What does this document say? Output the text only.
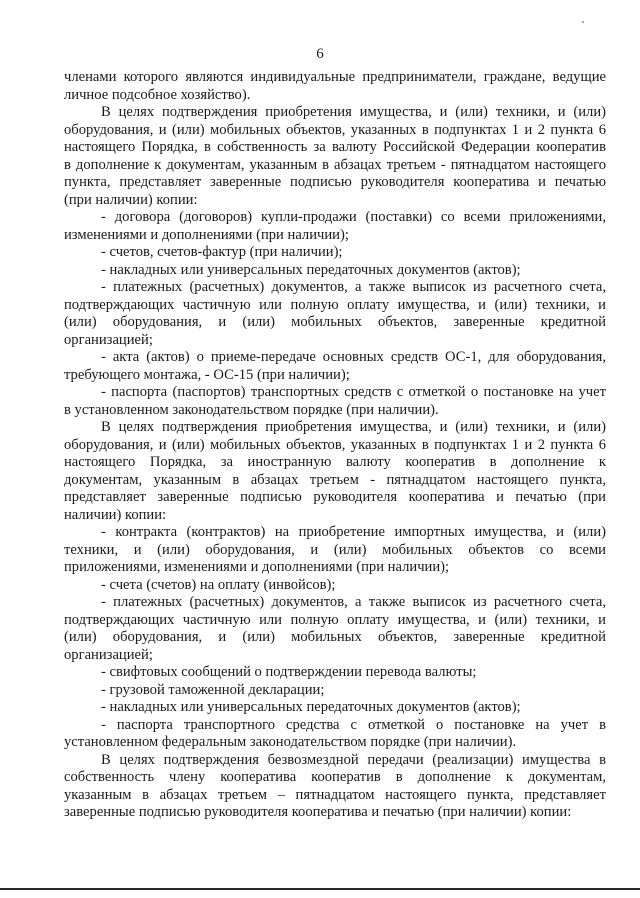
6
членами которого являются индивидуальные предприниматели, граждане, ведущие
личное подсобное хозяйство).
В целях подтверждения приобретения имущества, и (или) техники, и (или)
оборудования, и (или) мобильных объектов, указанных в подпунктах 1 и 2 пункта 6
настоящего Порядка, в собственность за валюту Российской Федерации кооператив
в дополнение к документам, указанным в абзацах третьем - пятнадцатом настоящего
пункта, представляет заверенные подписью руководителя кооператива и печатью
(при наличии) копии:
- договора (договоров) купли-продажи (поставки) со всеми приложениями,
изменениями и дополнениями (при наличии);
- счетов, счетов-фактур (при наличии);
- накладных или универсальных передаточных документов (актов);
- платежных (расчетных) документов, а также выписок из расчетного счета,
подтверждающих частичную или полную оплату имущества, и (или) техники, и
(или) оборудования, и (или) мобильных объектов, заверенные кредитной
организацией;
- акта (актов) о приеме-передаче основных средств ОС-1, для оборудования,
требующего монтажа, - ОС-15 (при наличии);
- паспорта (паспортов) транспортных средств с отметкой о постановке на учет
в установленном законодательством порядке (при наличии).
В целях подтверждения приобретения имущества, и (или) техники, и (или)
оборудования, и (или) мобильных объектов, указанных в подпунктах 1 и 2 пункта 6
настоящего Порядка, за иностранную валюту кооператив в дополнение к
документам, указанным в абзацах третьем - пятнадцатом настоящего пункта,
представляет заверенные подписью руководителя кооператива и печатью (при
наличии) копии:
- контракта (контрактов) на приобретение импортных имущества, и (или)
техники, и (или) оборудования, и (или) мобильных объектов со всеми
приложениями, изменениями и дополнениями (при наличии);
- счета (счетов) на оплату (инвойсов);
- платежных (расчетных) документов, а также выписок из расчетного счета,
подтверждающих частичную или полную оплату имущества, и (или) техники, и
(или) оборудования, и (или) мобильных объектов, заверенные кредитной
организацией;
- свифтовых сообщений о подтверждении перевода валюты;
- грузовой таможенной декларации;
- накладных или универсальных передаточных документов (актов);
- паспорта транспортного средства с отметкой о постановке на учет в
установленном федеральным законодательством порядке (при наличии).
В целях подтверждения безвозмездной передачи (реализации) имущества в
собственность члену кооператива кооператив в дополнение к документам,
указанным в абзацах третьем – пятнадцатом настоящего пункта, представляет
заверенные подписью руководителя кооператива и печатью (при наличии) копии:
